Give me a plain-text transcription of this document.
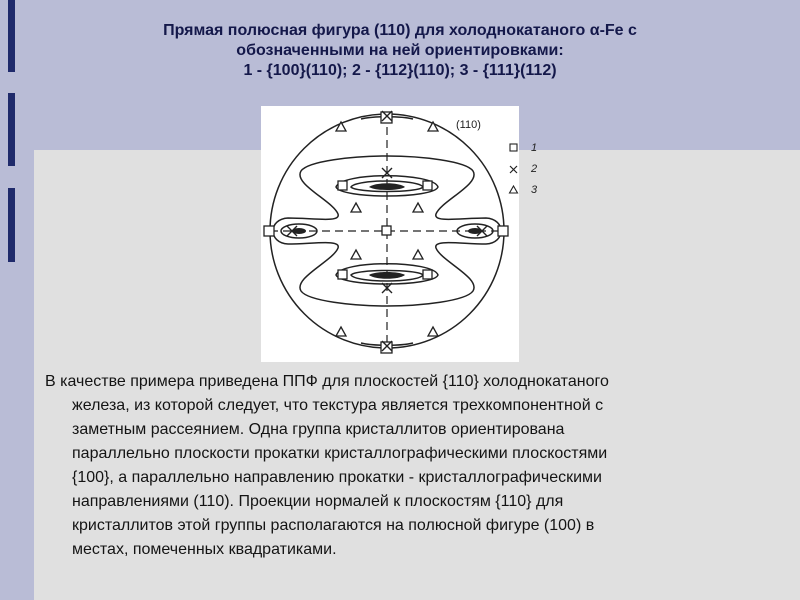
Прямая полюсная фигура (110) для холоднокатаного α-Fe с
обозначенными на ней ориентировками:
1 - {100}(110); 2 - {112}(110); 3 - {111}(112)
(110)
1
2
3
В качестве примера приведена ППФ для плоскостей {110} холоднокатаного
железа, из которой следует, что текстура является трехкомпонентной с
заметным рассеянием. Одна группа кристаллитов ориентирована
параллельно плоскости прокатки кристаллографическими плоскостями
{100}, а параллельно направлению прокатки - кристаллографическими
направлениями (110). Проекции нормалей к плоскостям {110} для
кристаллитов этой группы располагаются на полюсной фигуре (100) в
местах, помеченных квадратиками.
